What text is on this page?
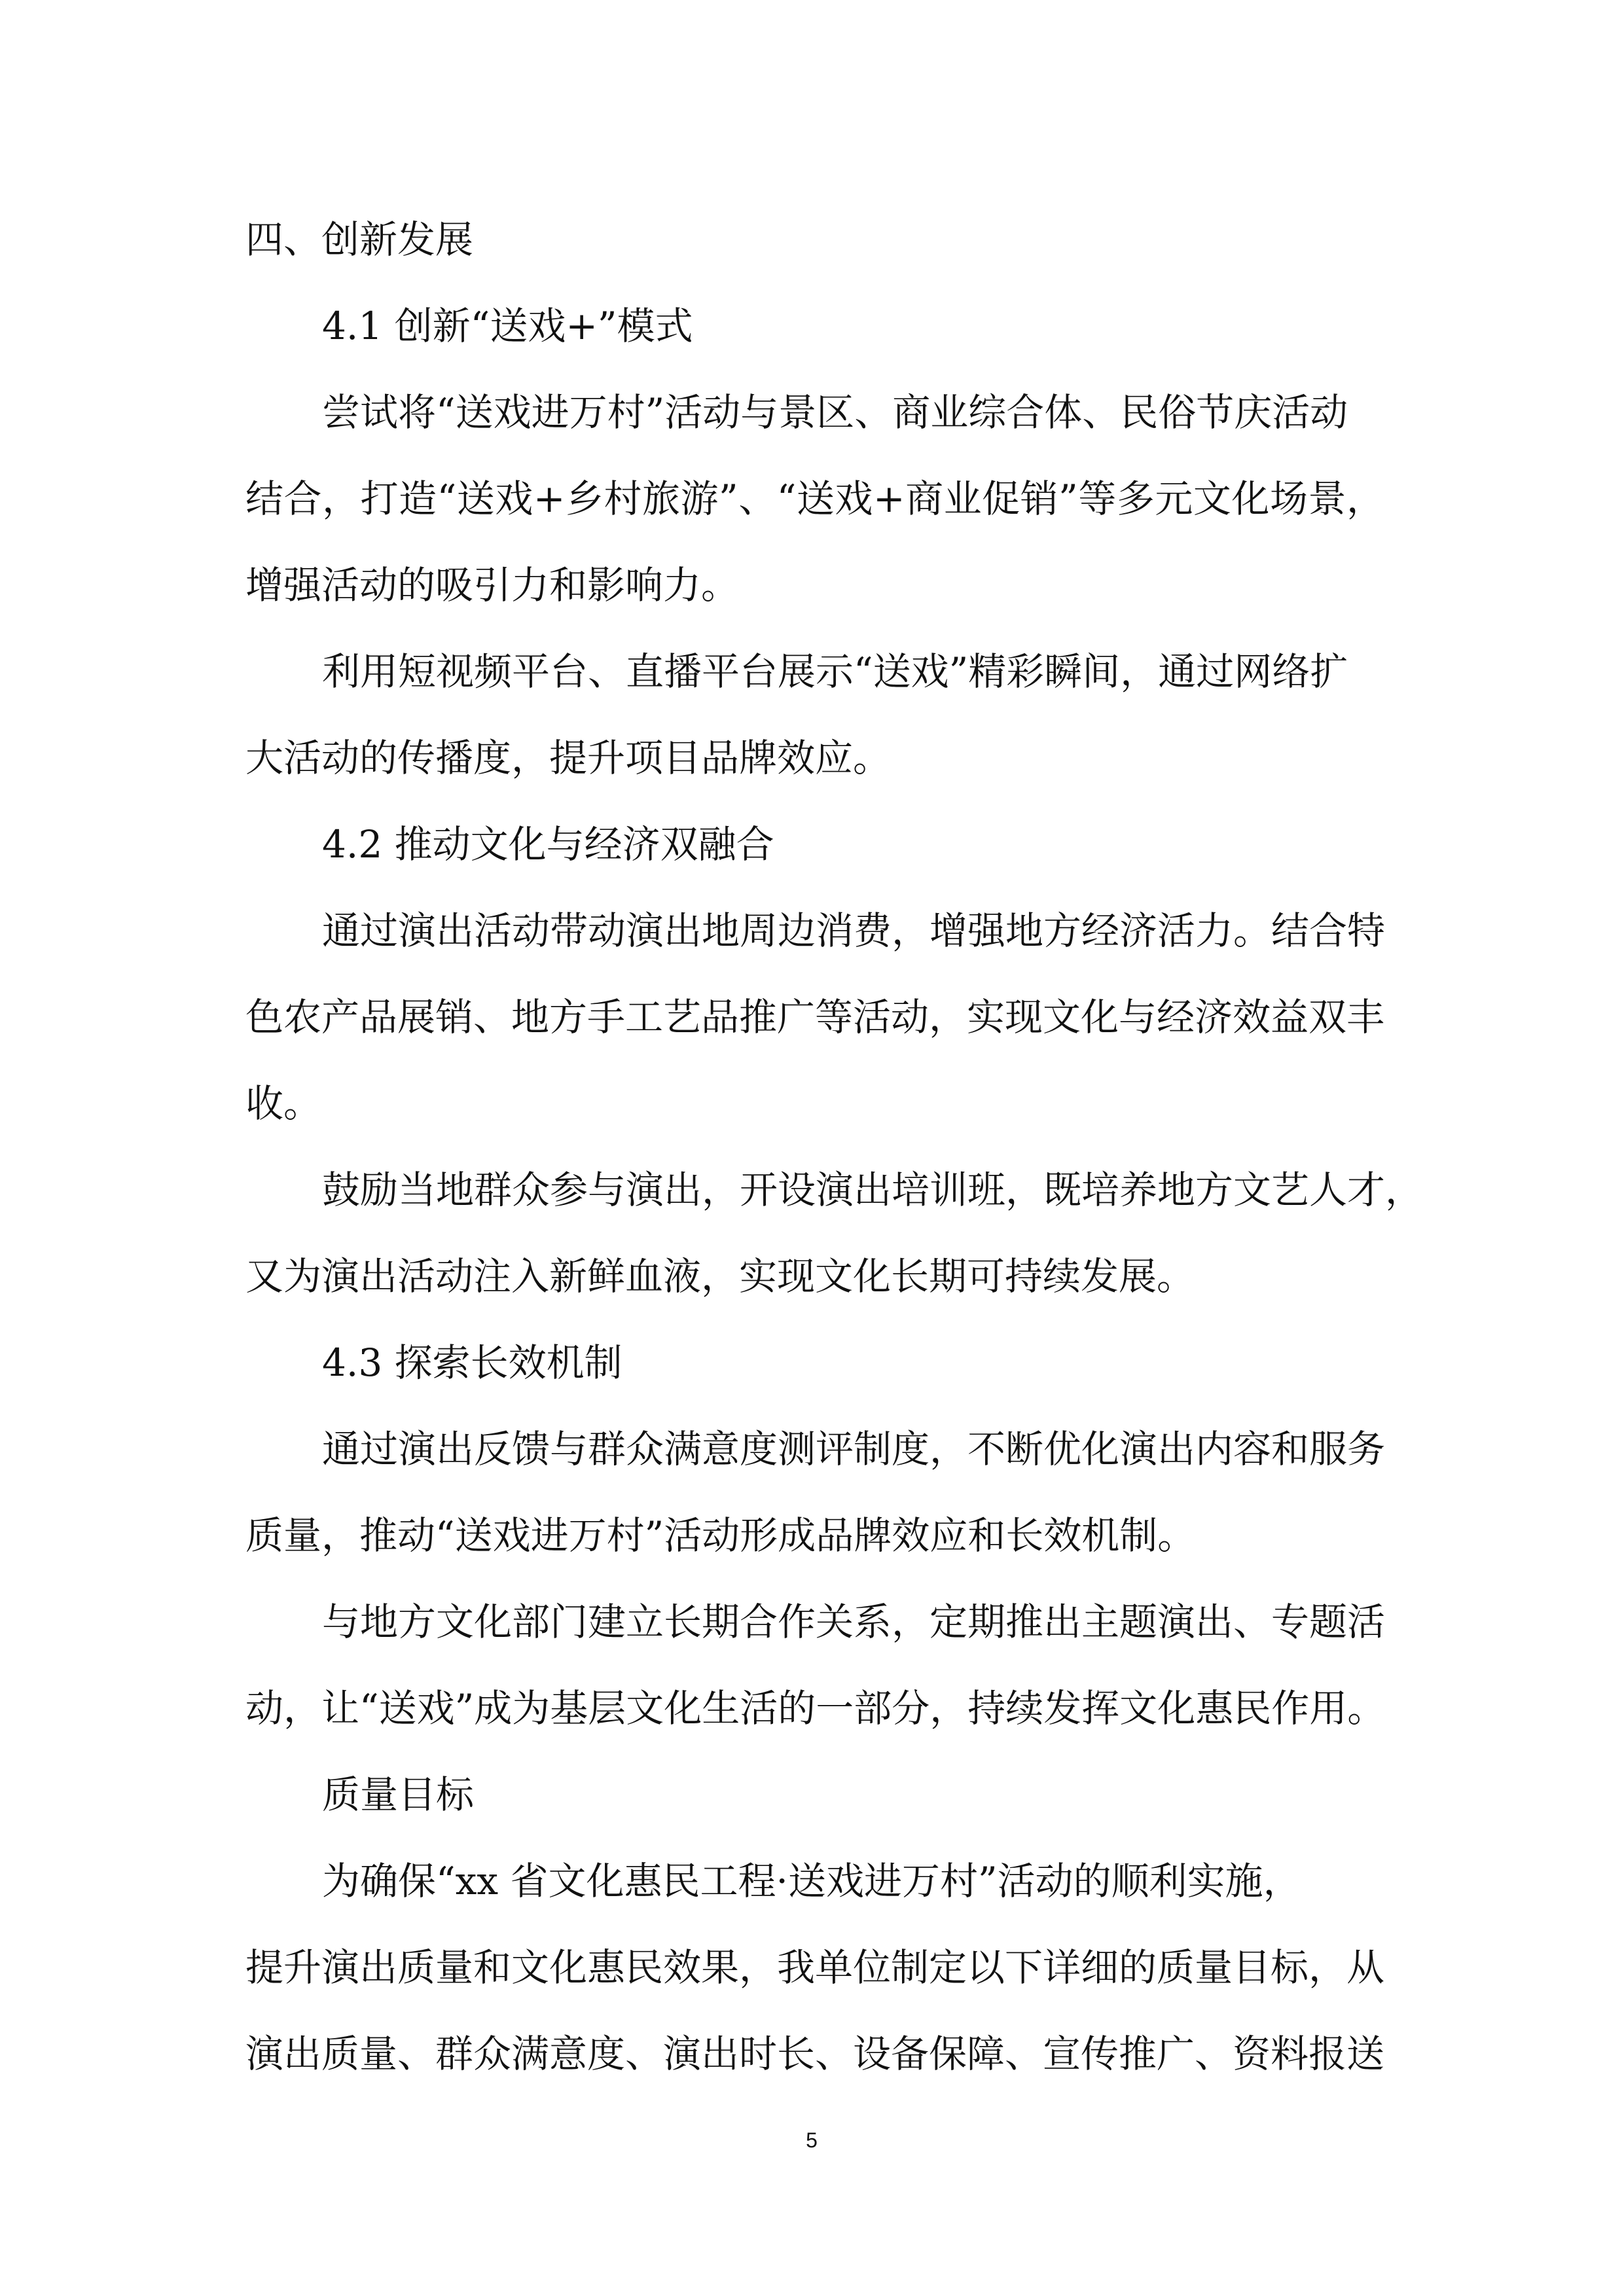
四、创新发展
4.1 创新“送戏+”模式
尝试将“送戏进万村”活动与景区、商业综合体、民俗节庆活动
结合，打造“送戏+乡村旅游”、“送戏+商业促销”等多元文化场景，
增强活动的吸引力和影响力。
利用短视频平台、直播平台展示“送戏”精彩瞬间，通过网络扩
大活动的传播度，提升项目品牌效应。
4.2 推动文化与经济双融合
通过演出活动带动演出地周边消费，增强地方经济活力。结合特
色农产品展销、地方手工艺品推广等活动，实现文化与经济效益双丰
收。
鼓励当地群众参与演出，开设演出培训班，既培养地方文艺人才，
又为演出活动注入新鲜血液，实现文化长期可持续发展。
4.3 探索长效机制
通过演出反馈与群众满意度测评制度，不断优化演出内容和服务
质量，推动“送戏进万村”活动形成品牌效应和长效机制。
与地方文化部门建立长期合作关系，定期推出主题演出、专题活
动，让“送戏”成为基层文化生活的一部分，持续发挥文化惠民作用。
质量目标
为确保“xx 省文化惠民工程·送戏进万村”活动的顺利实施，
提升演出质量和文化惠民效果，我单位制定以下详细的质量目标，从
演出质量、群众满意度、演出时长、设备保障、宣传推广、资料报送
5
